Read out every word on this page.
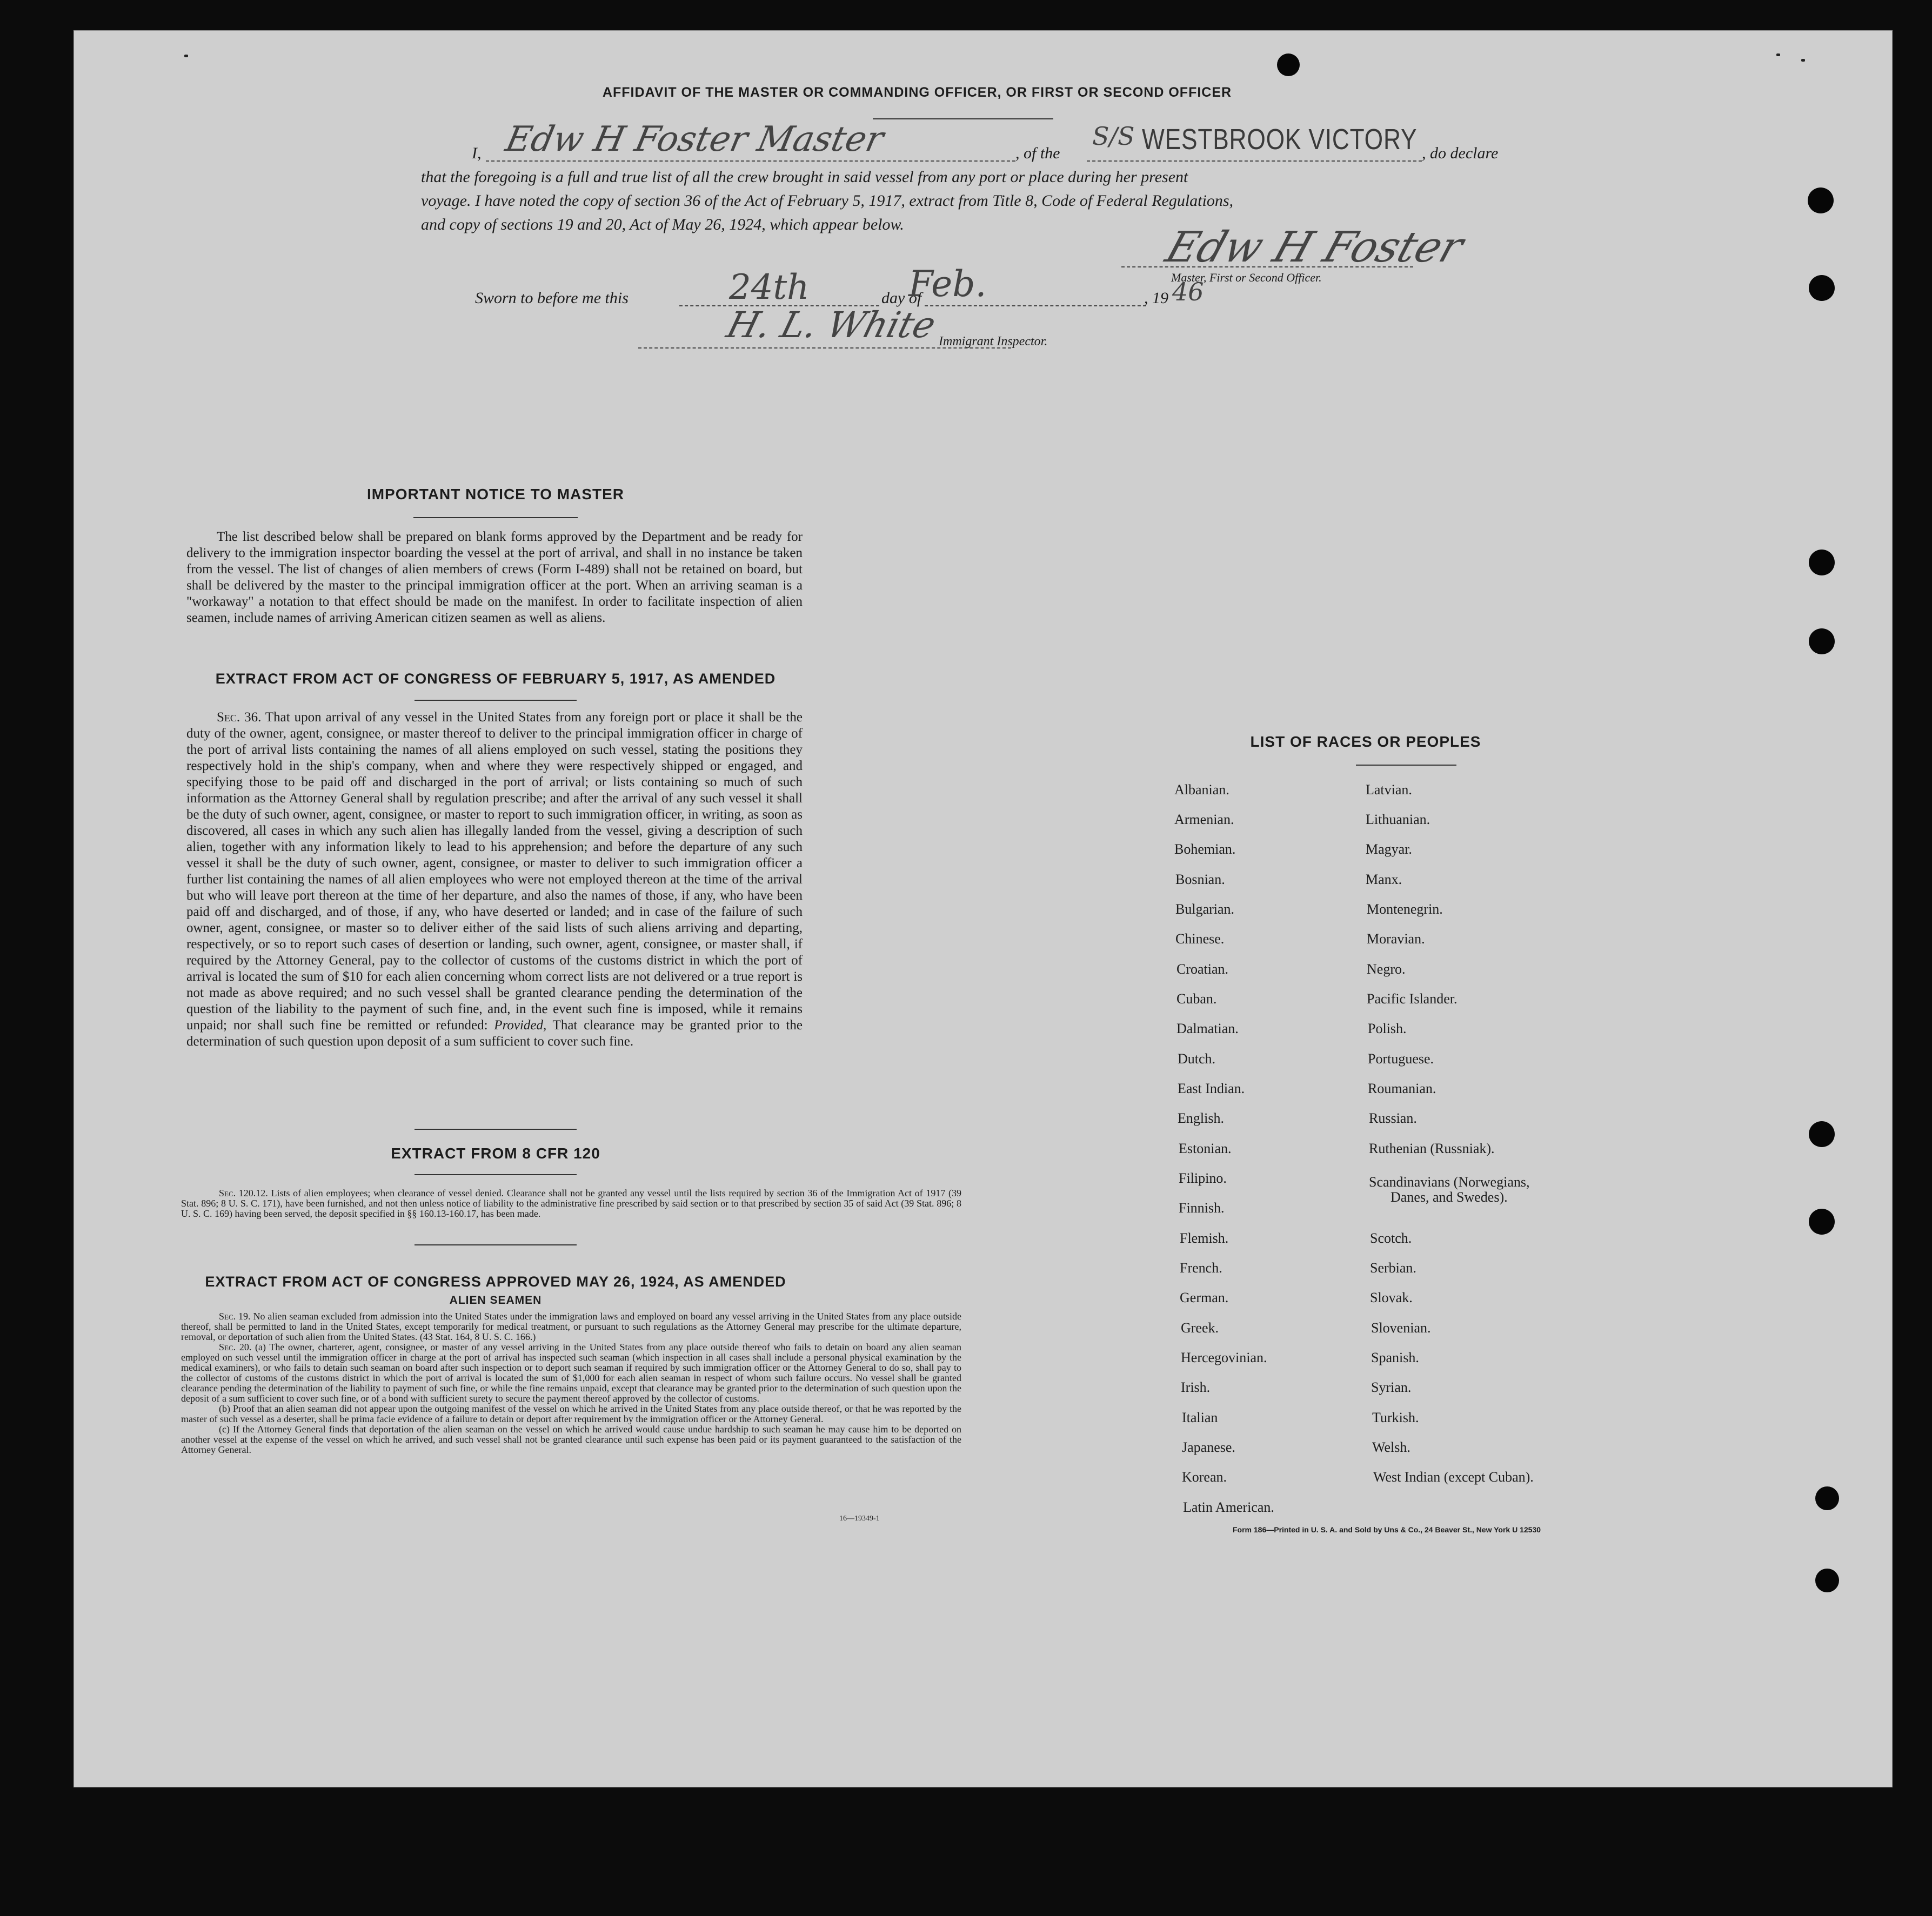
AFFIDAVIT OF THE MASTER OR COMMANDING OFFICER, OR FIRST OR SECOND OFFICER
I, Edw H Foster Master	, of the
S/S WESTBROOK VICTORY , do declare
that the foregoing is a full and true list of all the crew brought in said vessel from any port or place during her present
voyage. I have noted the copy of section 36 of the Act of February 5, 1917, extract from Title 8, Code of Federal Regulations,
and copy of sections 19 and 20, Act of May 26, 1924, which appear below.	Edw H Foster
Master, First or Second Officer.
Sworn to before me this	24th	day of
Feb.	, 19 46
H. L. White
Immigrant Inspector.
IMPORTANT NOTICE TO MASTER
The list described below shall be prepared on blank forms approved by the Department and be ready for delivery to the immigration inspector boarding the vessel at the port of arrival, and shall in no instance be taken from the vessel. The list of changes of alien members of crews (Form I-489) shall not be retained on board, but shall be delivered by the master to the principal immigration officer at the port. When an arriving seaman is a "workaway" a notation to that effect should be made on the manifest. In order to facilitate inspection of alien seamen, include names of arriving American citizen seamen as well as aliens.
EXTRACT FROM ACT OF CONGRESS OF FEBRUARY 5, 1917, AS AMENDED
Sec. 36. That upon arrival of any vessel in the United States from any foreign port or place it shall be the duty of the owner, agent, consignee, or master thereof to deliver to the principal immigration officer in charge of the port of arrival lists containing the names of all aliens employed on such vessel, stating the positions they respectively hold in the ship's company, when and where they were respectively shipped or engaged, and specifying those to be paid off and discharged in the port of arrival; or lists containing so much of such information as the Attorney General shall by regulation prescribe; and after the arrival of any such vessel it shall be the duty of such owner, agent, consignee, or master to report to such immigration officer, in writing, as soon as discovered, all cases in which any such alien has illegally landed from the vessel, giving a description of such alien, together with any information likely to lead to his apprehension; and before the departure of any such vessel it shall be the duty of such owner, agent, consignee, or master to deliver to such immigration officer a further list containing the names of all alien employees who were not employed thereon at the time of the arrival but who will leave port thereon at the time of her departure, and also the names of those, if any, who have been paid off and discharged, and of those, if any, who have deserted or landed; and in case of the failure of such owner, agent, consignee, or master so to deliver either of the said lists of such aliens arriving and departing, respectively, or so to report such cases of desertion or landing, such owner, agent, consignee, or master shall, if required by the Attorney General, pay to the collector of customs of the customs district in which the port of arrival is located the sum of $10 for each alien concerning whom correct lists are not delivered or a true report is not made as above required; and no such vessel shall be granted clearance pending the determination of the question of the liability to the payment of such fine, and, in the event such fine is imposed, while it remains unpaid; nor shall such fine be remitted or refunded: Provided, That clearance may be granted prior to the determination of such question upon deposit of a sum sufficient to cover such fine.
EXTRACT FROM 8 CFR 120
Sec. 120.12. Lists of alien employees; when clearance of vessel denied. Clearance shall not be granted any vessel until the lists required by section 36 of the Immigration Act of 1917 (39 Stat. 896; 8 U. S. C. 171), have been furnished, and not then unless notice of liability to the administrative fine prescribed by said section or to that prescribed by section 35 of said Act (39 Stat. 896; 8 U. S. C. 169) having been served, the deposit specified in §§ 160.13-160.17, has been made.
EXTRACT FROM ACT OF CONGRESS APPROVED MAY 26, 1924, AS AMENDED
ALIEN SEAMEN
Sec. 19. No alien seaman excluded from admission into the United States under the immigration laws and employed on board any vessel arriving in the United States from any place outside thereof, shall be permitted to land in the United States, except temporarily for medical treatment, or pursuant to such regulations as the Attorney General may prescribe for the ultimate departure, removal, or deportation of such alien from the United States. (43 Stat. 164, 8 U. S. C. 166.)
Sec. 20. (a) The owner, charterer, agent, consignee, or master of any vessel arriving in the United States from any place outside thereof who fails to detain on board any alien seaman employed on such vessel until the immigration officer in charge at the port of arrival has inspected such seaman (which inspection in all cases shall include a personal physical examination by the medical examiners), or who fails to detain such seaman on board after such inspection or to deport such seaman if required by such immigration officer or the Attorney General to do so, shall pay to the collector of customs of the customs district in which the port of arrival is located the sum of $1,000 for each alien seaman in respect of whom such failure occurs. No vessel shall be granted clearance pending the determination of the liability to payment of such fine, or while the fine remains unpaid, except that clearance may be granted prior to the determination of such question upon the deposit of a sum sufficient to cover such fine, or of a bond with sufficient surety to secure the payment thereof approved by the collector of customs.
(b) Proof that an alien seaman did not appear upon the outgoing manifest of the vessel on which he arrived in the United States from any place outside thereof, or that he was reported by the master of such vessel as a deserter, shall be prima facie evidence of a failure to detain or deport after requirement by the immigration officer or the Attorney General.
(c) If the Attorney General finds that deportation of the alien seaman on the vessel on which he arrived would cause undue hardship to such seaman he may cause him to be deported on another vessel at the expense of the vessel on which he arrived, and such vessel shall not be granted clearance until such expense has been paid or its payment guaranteed to the satisfaction of the Attorney General.
16—19349-1
LIST OF RACES OR PEOPLES
Albanian.
Armenian.
Bohemian.
Bosnian.
Bulgarian.
Chinese.
Croatian.
Cuban.
Dalmatian.
Dutch.
East Indian.
English.
Estonian.
Filipino.
Finnish.
Flemish.
French.
German.
Greek.
Hercegovinian.
Irish.
Italian
Japanese.
Korean.
Latin American.
Latvian.
Lithuanian.
Magyar.
Manx.
Montenegrin.
Moravian.
Negro.
Pacific Islander.
Polish.
Portuguese.
Roumanian.
Russian.
Ruthenian (Russniak).
Scandinavians (Norwegians,
Danes, and Swedes).
Scotch.
Serbian.
Slovak.
Slovenian.
Spanish.
Syrian.
Turkish.
Welsh.
West Indian (except Cuban).
Form 186—Printed in U. S. A. and Sold by Uns & Co., 24 Beaver St., New York U 12530
